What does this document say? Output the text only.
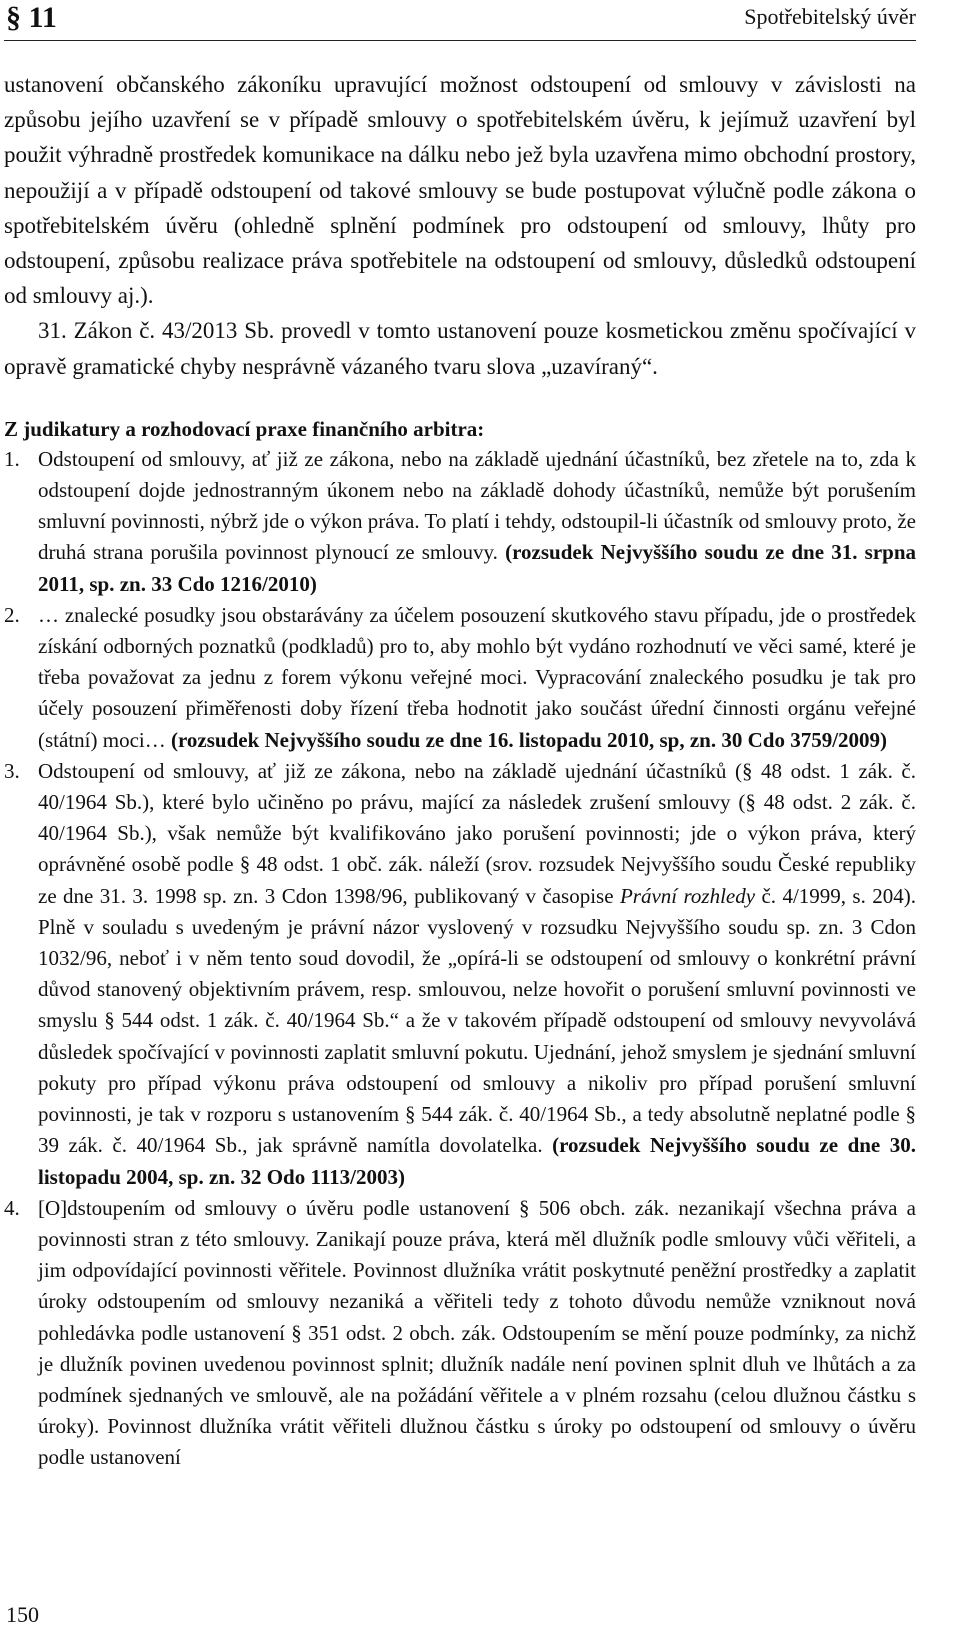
§ 11	Spotřebitelský úvěr

ustanovení občanského zákoníku upravující možnost odstoupení od smlouvy v závislosti na způsobu jejího uzavření se v případě smlouvy o spotřebitelském úvěru, k jejímuž uzavření byl použit výhradně prostředek komunikace na dálku nebo jež byla uzavřena mimo obchodní prostory, nepoužijí a v případě odstoupení od takové smlouvy se bude postupovat výlučně podle zákona o spotřebitelském úvěru (ohledně splnění podmínek pro odstoupení od smlouvy, lhůty pro odstoupení, způsobu realizace práva spotřebitele na odstoupení od smlouvy, důsledků odstoupení od smlouvy aj.).

31. Zákon č. 43/2013 Sb. provedl v tomto ustanovení pouze kosmetickou změnu spočívající v opravě gramatické chyby nesprávně vázaného tvaru slova „uzavíraný“.

Z judikatury a rozhodovací praxe finančního arbitra:
1. Odstoupení od smlouvy, ať již ze zákona, nebo na základě ujednání účastníků, bez zřetele na to, zda k odstoupení dojde jednostranným úkonem nebo na základě dohody účastníků, nemůže být porušením smluvní povinnosti, nýbrž jde o výkon práva. To platí i tehdy, odstoupil-li účastník od smlouvy proto, že druhá strana porušila povinnost plynoucí ze smlouvy. (rozsudek Nejvyššího soudu ze dne 31. srpna 2011, sp. zn. 33 Cdo 1216/2010)
2. … znalecké posudky jsou obstarávány za účelem posouzení skutkového stavu případu, jde o prostředek získání odborných poznatků (podkladů) pro to, aby mohlo být vydáno rozhodnutí ve věci samé, které je třeba považovat za jednu z forem výkonu veřejné moci. Vypracování znaleckého posudku je tak pro účely posouzení přiměřenosti doby řízení třeba hodnotit jako součást úřední činnosti orgánu veřejné (státní) moci… (rozsudek Nejvyššího soudu ze dne 16. listopadu 2010, sp, zn. 30 Cdo 3759/2009)
3. Odstoupení od smlouvy, ať již ze zákona, nebo na základě ujednání účastníků (§ 48 odst. 1 zák. č. 40/1964 Sb.), které bylo učiněno po právu, mající za následek zrušení smlouvy (§ 48 odst. 2 zák. č. 40/1964 Sb.), však nemůže být kvalifikováno jako porušení povinnosti; jde o výkon práva, který oprávněné osobě podle § 48 odst. 1 obč. zák. náleží (srov. rozsudek Nejvyššího soudu České republiky ze dne 31. 3. 1998 sp. zn. 3 Cdon 1398/96, publikovaný v časopise Právní rozhledy č. 4/1999, s. 204). Plně v souladu s uvedeným je právní názor vyslovený v rozsudku Nejvyššího soudu sp. zn. 3 Cdon 1032/96, neboť i v něm tento soud dovodil, že „opírá-li se odstoupení od smlouvy o konkrétní právní důvod stanovený objektivním právem, resp. smlouvou, nelze hovořit o porušení smluvní povinnosti ve smyslu § 544 odst. 1 zák. č. 40/1964 Sb.“ a že v takovém případě odstoupení od smlouvy nevyvolává důsledek spočívající v povinnosti zaplatit smluvní pokutu. Ujednání, jehož smyslem je sjednání smluvní pokuty pro případ výkonu práva odstoupení od smlouvy a nikoliv pro případ porušení smluvní povinnosti, je tak v rozporu s ustanovením § 544 zák. č. 40/1964 Sb., a tedy absolutně neplatné podle § 39 zák. č. 40/1964 Sb., jak správně namítla dovolatelka. (rozsudek Nejvyššího soudu ze dne 30. listopadu 2004, sp. zn. 32 Odo 1113/2003)
4. [O]dstoupením od smlouvy o úvěru podle ustanovení § 506 obch. zák. nezanikají všechna práva a povinnosti stran z této smlouvy. Zanikají pouze práva, která měl dlužník podle smlouvy vůči věřiteli, a jim odpovídající povinnosti věřitele. Povinnost dlužníka vrátit poskytnuté peněžní prostředky a zaplatit úroky odstoupením od smlouvy nezaniká a věřiteli tedy z tohoto důvodu nemůže vzniknout nová pohledávka podle ustanovení § 351 odst. 2 obch. zák. Odstoupením se mění pouze podmínky, za nichž je dlužník povinen uvedenou povinnost splnit; dlužník nadále není povinen splnit dluh ve lhůtách a za podmínek sjednaných ve smlouvě, ale na požádání věřitele a v plném rozsahu (celou dlužnou částku s úroky). Povinnost dlužníka vrátit věřiteli dlužnou částku s úroky po odstoupení od smlouvy o úvěru podle ustanovení
150
